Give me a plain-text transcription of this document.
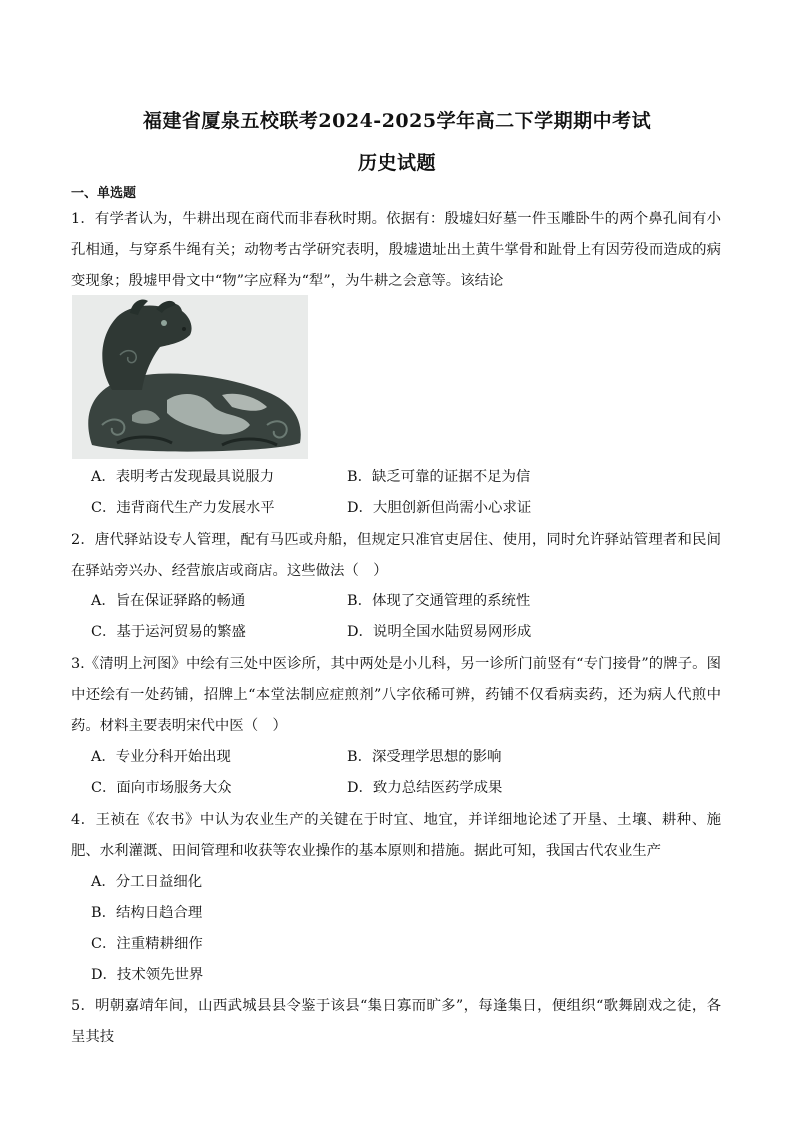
福建省厦泉五校联考2024-2025学年高二下学期期中考试
历史试题
一、单选题
1．有学者认为，牛耕出现在商代而非春秋时期。依据有：殷墟妇好墓一件玉雕卧牛的两个鼻孔间有小孔相通，与穿系牛绳有关；动物考古学研究表明，殷墟遗址出土黄牛掌骨和趾骨上有因劳役而造成的病变现象；殷墟甲骨文中“物”字应释为“犁”，为牛耕之会意等。该结论
A．表明考古发现最具说服力	B．缺乏可靠的证据不足为信
C．违背商代生产力发展水平	D．大胆创新但尚需小心求证
2．唐代驿站设专人管理，配有马匹或舟船，但规定只准官吏居住、使用，同时允许驿站管理者和民间在驿站旁兴办、经营旅店或商店。这些做法（　）
A．旨在保证驿路的畅通	B．体现了交通管理的系统性
C．基于运河贸易的繁盛	D．说明全国水陆贸易网形成
3.《清明上河图》中绘有三处中医诊所，其中两处是小儿科，另一诊所门前竖有“专门接骨”的牌子。图中还绘有一处药铺，招牌上“本堂法制应症煎剂”八字依稀可辨，药铺不仅看病卖药，还为病人代煎中药。材料主要表明宋代中医（　）
A．专业分科开始出现	B．深受理学思想的影响
C．面向市场服务大众	D．致力总结医药学成果
4．王祯在《农书》中认为农业生产的关键在于时宜、地宜，并详细地论述了开垦、土壤、耕种、施肥、水利灌溉、田间管理和收获等农业操作的基本原则和措施。据此可知，我国古代农业生产
A．分工日益细化
B．结构日趋合理
C．注重精耕细作
D．技术领先世界
5．明朝嘉靖年间，山西武城县县令鉴于该县“集日寡而旷多”，每逢集日，便组织“歌舞剧戏之徒，各呈其技
